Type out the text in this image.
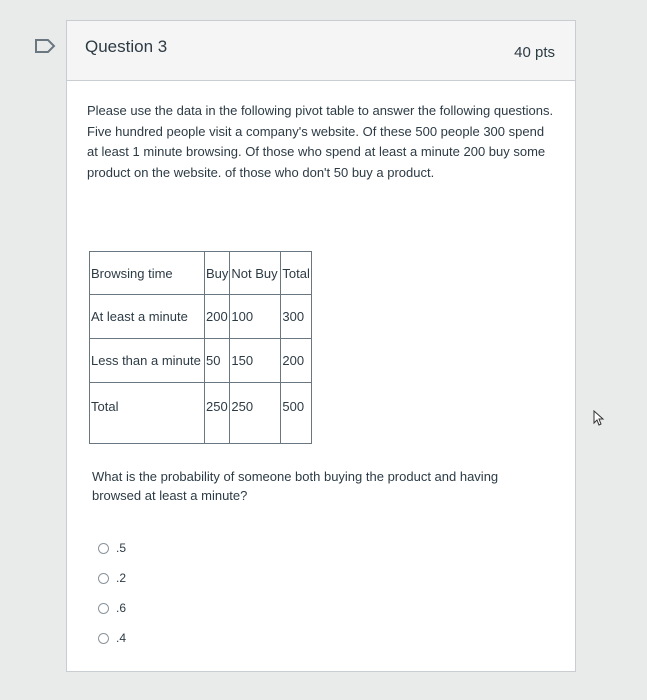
Question 3	40 pts
Please use the data in the following pivot table to answer the following questions. Five hundred people visit a company's website. Of these 500 people 300 spend at least 1 minute browsing. Of those who spend at least a minute 200 buy some product on the website. of those who don't 50 buy a product.
Browsing time	Buy	Not Buy	Total
At least a minute	200	100	300
Less than a minute	50	150	200
Total	250	250	500
What is the probability of someone both buying the product and having browsed at least a minute?
.5
.2
.6
.4
